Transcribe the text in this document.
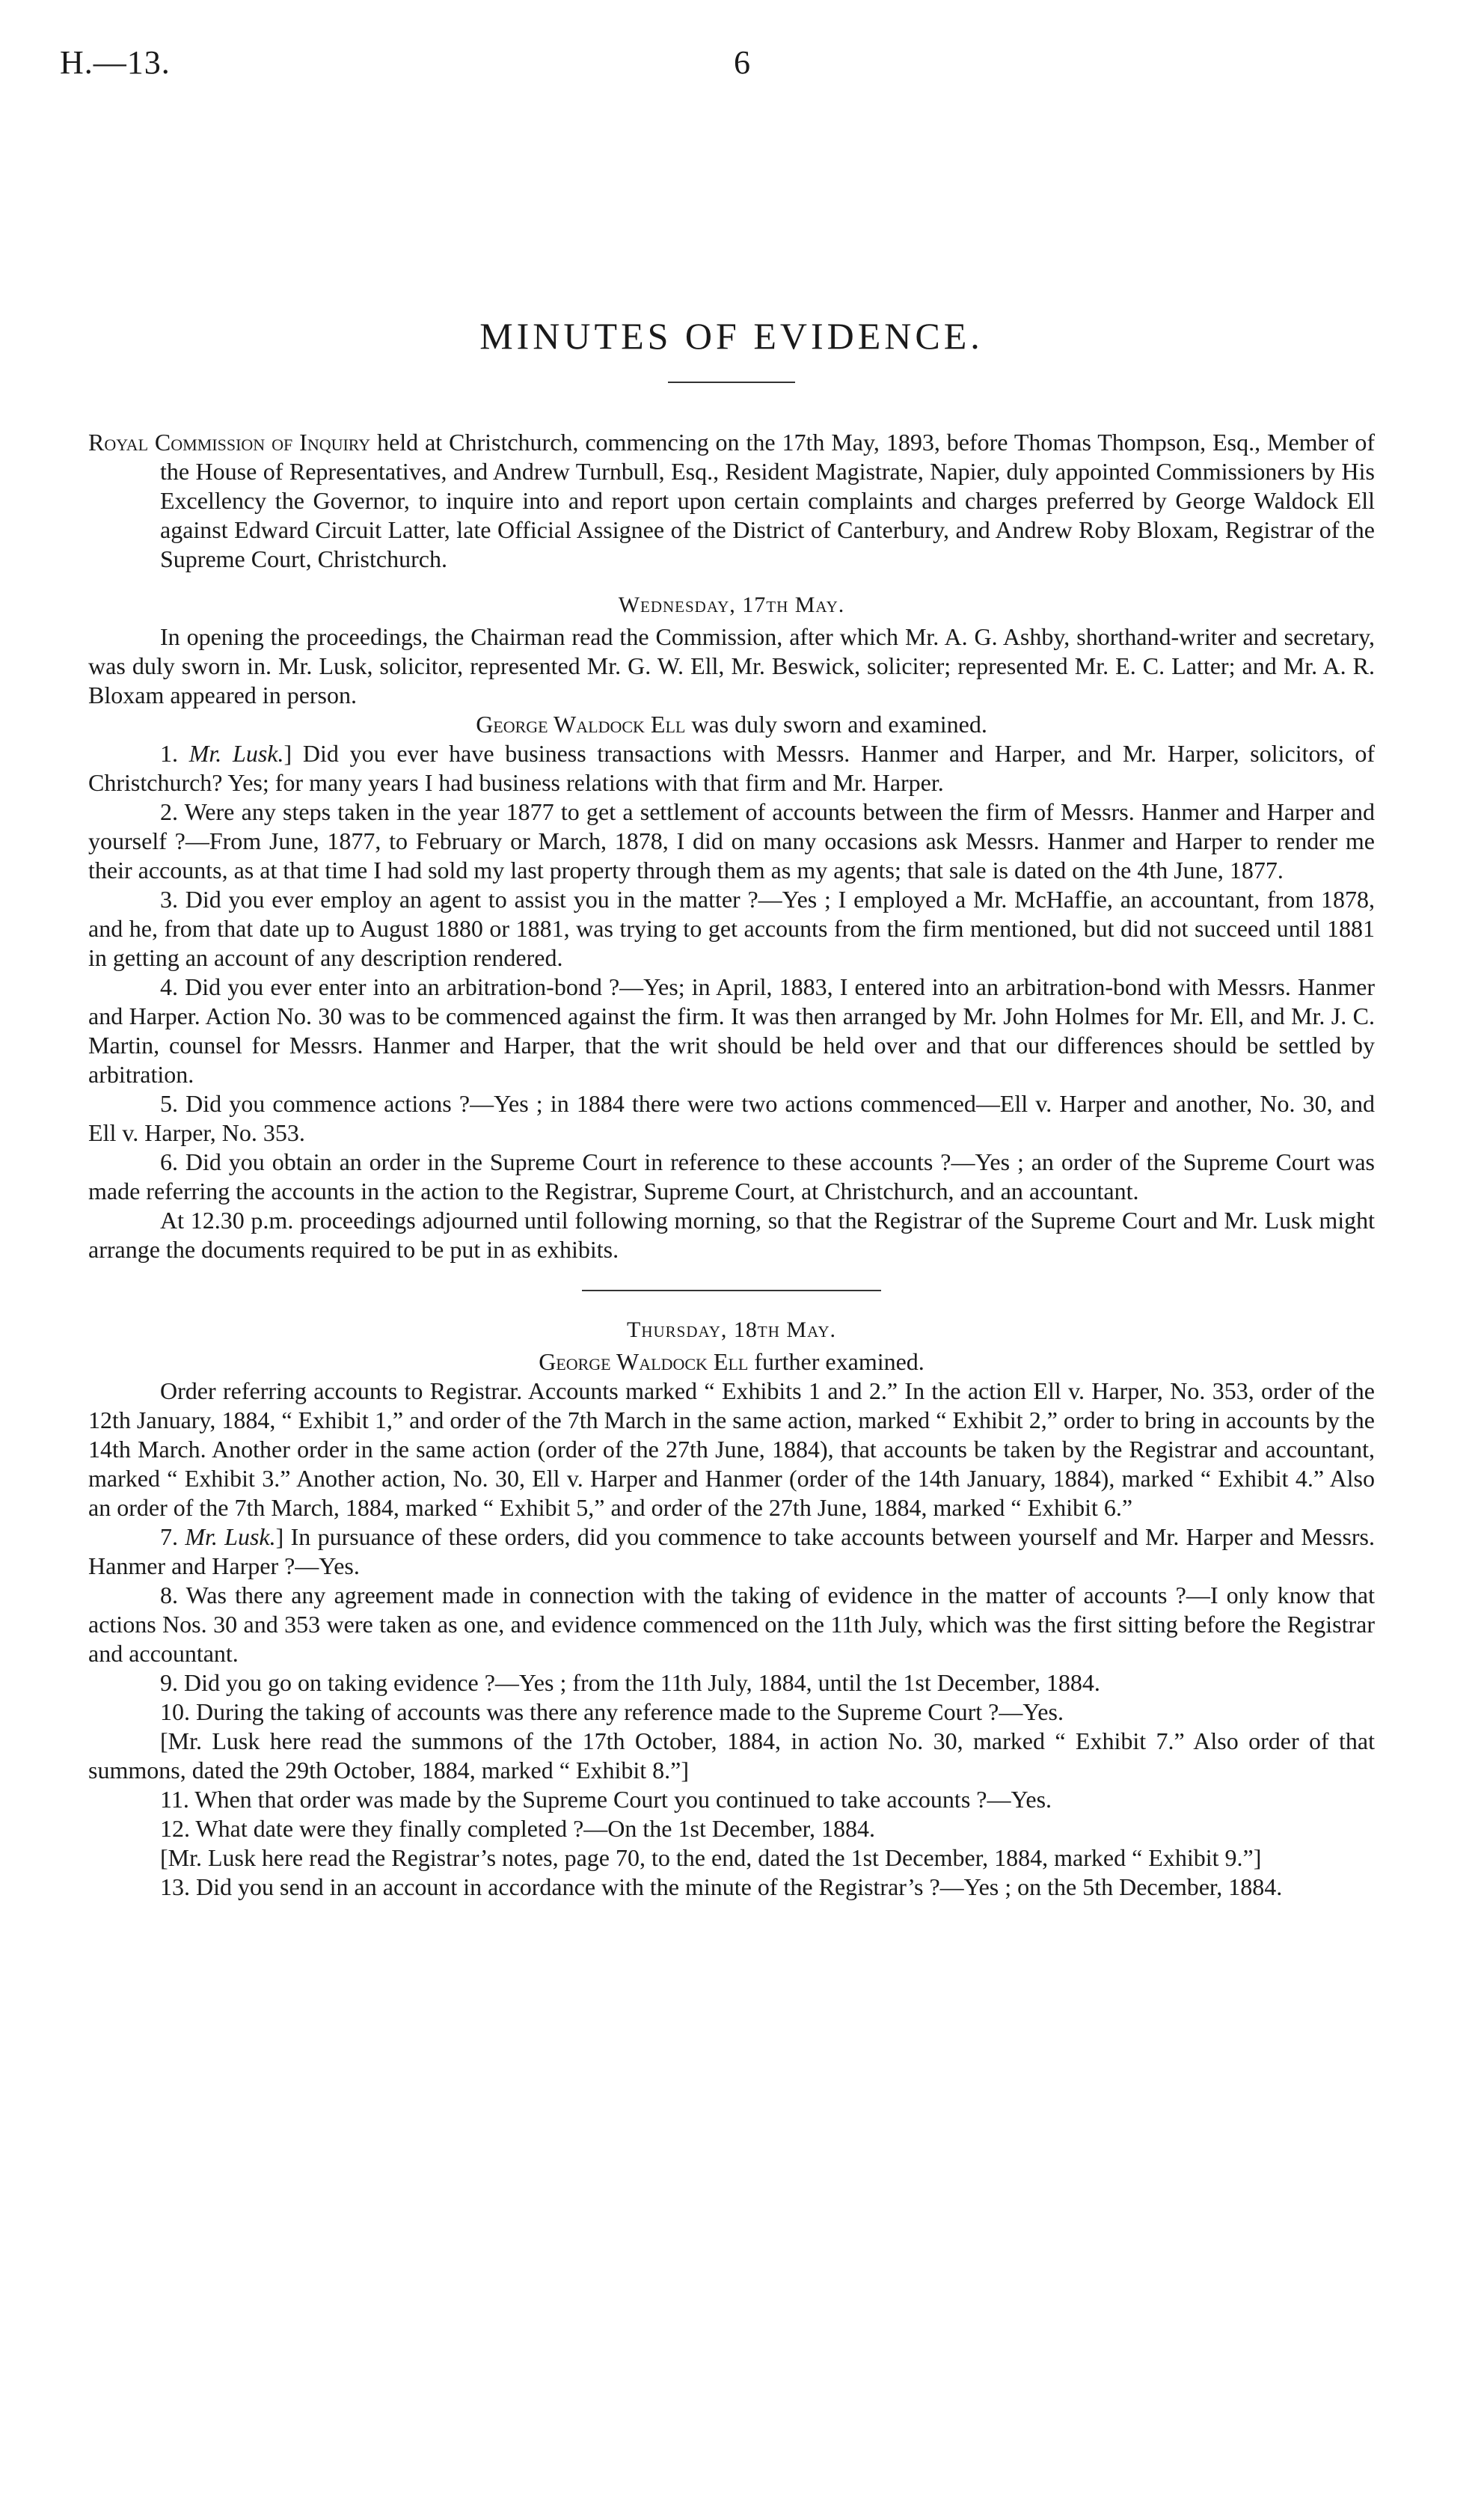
H.—13.	6
MINUTES OF EVIDENCE.

Royal Commission of Inquiry held at Christchurch, commencing on the 17th May, 1893, before Thomas Thompson, Esq., Member of the House of Representatives, and Andrew Turnbull, Esq., Resident Magistrate, Napier, duly appointed Commissioners by His Excellency the Governor, to inquire into and report upon certain complaints and charges preferred by George Waldock Ell against Edward Circuit Latter, late Official Assignee of the District of Canterbury, and Andrew Roby Bloxam, Registrar of the Supreme Court, Christchurch.

Wednesday, 17th May.

In opening the proceedings, the Chairman read the Commission, after which Mr. A. G. Ashby, shorthand-writer and secretary, was duly sworn in. Mr. Lusk, solicitor, represented Mr. G. W. Ell, Mr. Beswick, soliciter; represented Mr. E. C. Latter; and Mr. A. R. Bloxam appeared in person.

George Waldock Ell was duly sworn and examined.

1. Mr. Lusk.] Did you ever have business transactions with Messrs. Hanmer and Harper, and Mr. Harper, solicitors, of Christchurch? Yes; for many years I had business relations with that firm and Mr. Harper.

2. Were any steps taken in the year 1877 to get a settlement of accounts between the firm of Messrs. Hanmer and Harper and yourself ?—From June, 1877, to February or March, 1878, I did on many occasions ask Messrs. Hanmer and Harper to render me their accounts, as at that time I had sold my last property through them as my agents; that sale is dated on the 4th June, 1877.

3. Did you ever employ an agent to assist you in the matter ?—Yes ; I employed a Mr. McHaffie, an accountant, from 1878, and he, from that date up to August 1880 or 1881, was trying to get accounts from the firm mentioned, but did not succeed until 1881 in getting an account of any description rendered.

4. Did you ever enter into an arbitration-bond ?—Yes; in April, 1883, I entered into an arbitration-bond with Messrs. Hanmer and Harper. Action No. 30 was to be commenced against the firm. It was then arranged by Mr. John Holmes for Mr. Ell, and Mr. J. C. Martin, counsel for Messrs. Hanmer and Harper, that the writ should be held over and that our differences should be settled by arbitration.

5. Did you commence actions ?—Yes ; in 1884 there were two actions commenced—Ell v. Harper and another, No. 30, and Ell v. Harper, No. 353.

6. Did you obtain an order in the Supreme Court in reference to these accounts ?—Yes ; an order of the Supreme Court was made referring the accounts in the action to the Registrar, Supreme Court, at Christchurch, and an accountant.

At 12.30 p.m. proceedings adjourned until following morning, so that the Registrar of the Supreme Court and Mr. Lusk might arrange the documents required to be put in as exhibits.

Thursday, 18th May.

George Waldock Ell further examined.

Order referring accounts to Registrar. Accounts marked “ Exhibits 1 and 2.” In the action Ell v. Harper, No. 353, order of the 12th January, 1884, “ Exhibit 1,” and order of the 7th March in the same action, marked “ Exhibit 2,” order to bring in accounts by the 14th March. Another order in the same action (order of the 27th June, 1884), that accounts be taken by the Registrar and accountant, marked “ Exhibit 3.” Another action, No. 30, Ell v. Harper and Hanmer (order of the 14th January, 1884), marked “ Exhibit 4.” Also an order of the 7th March, 1884, marked “ Exhibit 5,” and order of the 27th June, 1884, marked “ Exhibit 6.”

7. Mr. Lusk.] In pursuance of these orders, did you commence to take accounts between yourself and Mr. Harper and Messrs. Hanmer and Harper ?—Yes.

8. Was there any agreement made in connection with the taking of evidence in the matter of accounts ?—I only know that actions Nos. 30 and 353 were taken as one, and evidence commenced on the 11th July, which was the first sitting before the Registrar and accountant.

9. Did you go on taking evidence ?—Yes ; from the 11th July, 1884, until the 1st December, 1884.

10. During the taking of accounts was there any reference made to the Supreme Court ?—Yes.

[Mr. Lusk here read the summons of the 17th October, 1884, in action No. 30, marked “ Exhibit 7.” Also order of that summons, dated the 29th October, 1884, marked “ Exhibit 8.”]

11. When that order was made by the Supreme Court you continued to take accounts ?—Yes.

12. What date were they finally completed ?—On the 1st December, 1884.

[Mr. Lusk here read the Registrar’s notes, page 70, to the end, dated the 1st December, 1884, marked “ Exhibit 9.”]

13. Did you send in an account in accordance with the minute of the Registrar’s ?—Yes ; on the 5th December, 1884.
